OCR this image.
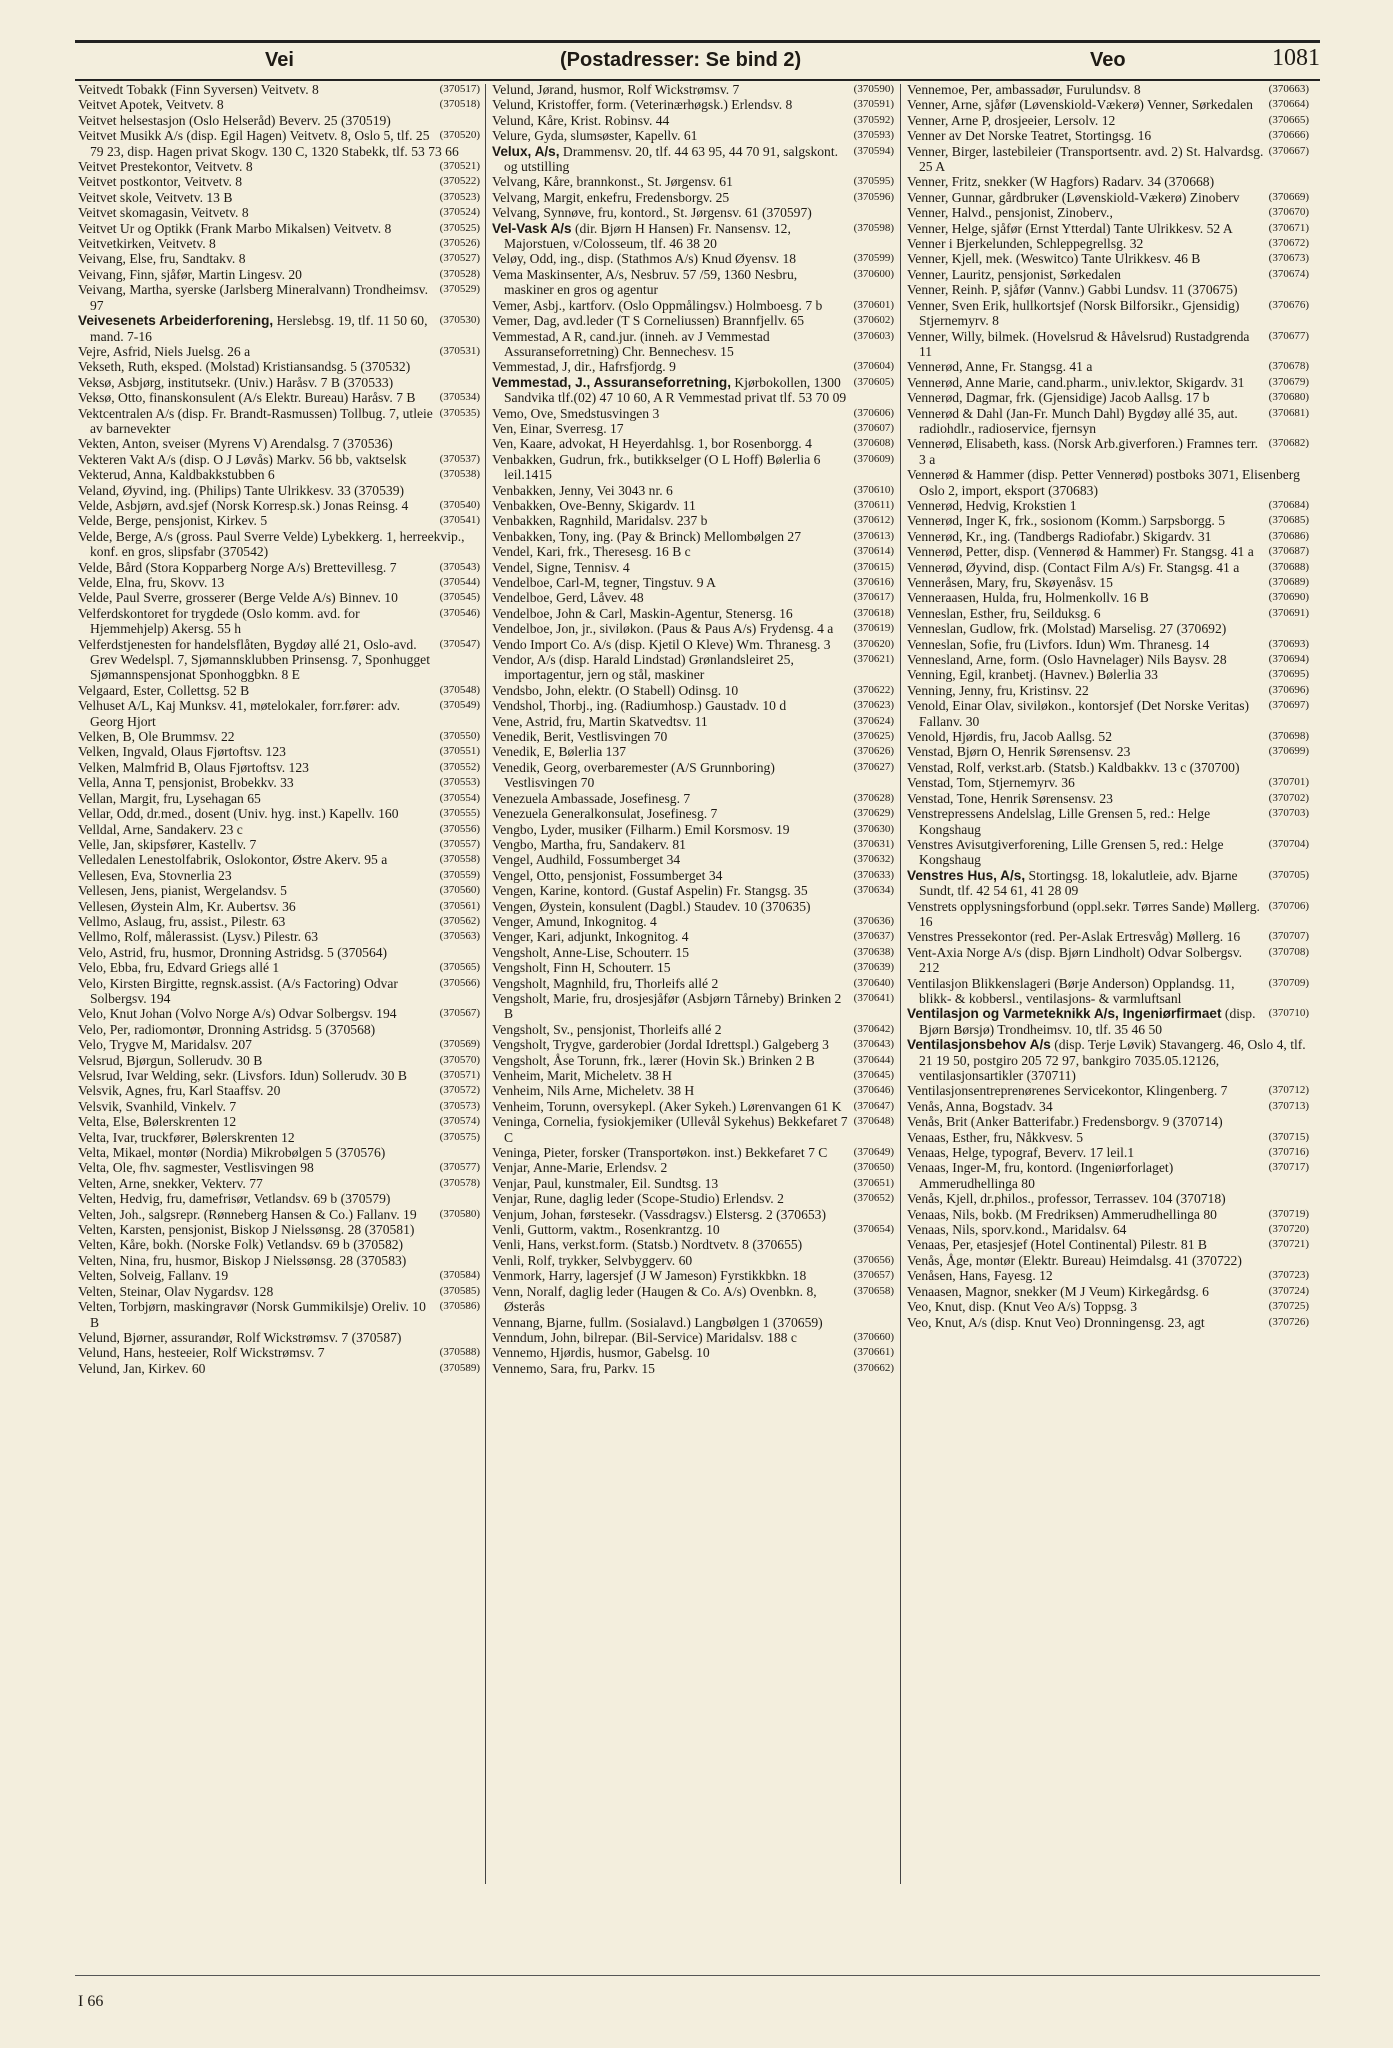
Vei	(Postadresser: Se bind 2)	Veo	1081

(370517)
Veitvedt Tobakk (Finn Syversen) Veitvetv. 8

(370518)
Veitvet Apotek, Veitvetv. 8

Veitvet helsestasjon (Oslo Helseråd) Beverv. 25 (370519)

(370520)
Veitvet Musikk A/s (disp. Egil Hagen) Veitvetv. 8, Oslo 5, tlf. 25 79 23, disp. Hagen privat Skogv. 130 C, 1320 Stabekk, tlf. 53 73 66

(370521)
Veitvet Prestekontor, Veitvetv. 8

(370522)
Veitvet postkontor, Veitvetv. 8

(370523)
Veitvet skole, Veitvetv. 13 B

(370524)
Veitvet skomagasin, Veitvetv. 8

(370525)
Veitvet Ur og Optikk (Frank Marbo Mikalsen) Veitvetv. 8

(370526)
Veitvetkirken, Veitvetv. 8

(370527)
Veivang, Else, fru, Sandtakv. 8

(370528)
Veivang, Finn, sjåfør, Martin Lingesv. 20

(370529)
Veivang, Martha, syerske (Jarlsberg Mineralvann) Trondheimsv. 97

(370530)
Veivesenets Arbeiderforening, Herslebsg. 19, tlf. 11 50 60, mand. 7-16

(370531)
Vejre, Asfrid, Niels Juelsg. 26 a

Vekseth, Ruth, eksped. (Molstad) Kristiansandsg. 5 (370532)

Veksø, Asbjørg, institutsekr. (Univ.) Haråsv. 7 B (370533)

(370534)
Veksø, Otto, finanskonsulent (A/s Elektr. Bureau) Haråsv. 7 B

(370535)
Vektcentralen A/s (disp. Fr. Brandt-Rasmussen) Tollbug. 7, utleie av barnevekter

Vekten, Anton, sveiser (Myrens V) Arendalsg. 7 (370536)

(370537)
Vekteren Vakt A/s (disp. O J Løvås) Markv. 56 bb, vaktselsk

(370538)
Vekterud, Anna, Kaldbakkstubben 6

Veland, Øyvind, ing. (Philips) Tante Ulrikkesv. 33 (370539)

(370540)
Velde, Asbjørn, avd.sjef (Norsk Korresp.sk.) Jonas Reinsg. 4

(370541)
Velde, Berge, pensjonist, Kirkev. 5

Velde, Berge, A/s (gross. Paul Sverre Velde) Lybekkerg. 1, herreekvip., konf. en gros, slipsfabr (370542)

(370543)
Velde, Bård (Stora Kopparberg Norge A/s) Brettevillesg. 7

(370544)
Velde, Elna, fru, Skovv. 13

(370545)
Velde, Paul Sverre, grosserer (Berge Velde A/s) Binnev. 10

(370546)
Velferdskontoret for trygdede (Oslo komm. avd. for Hjemmehjelp) Akersg. 55 h

(370547)
Velferdstjenesten for handelsflåten, Bygdøy allé 21, Oslo-avd. Grev Wedelspl. 7, Sjømannsklubben Prinsensg. 7, Sponhugget Sjømannspensjonat Sponhoggbkn. 8 E

(370548)
Velgaard, Ester, Collettsg. 52 B

(370549)
Velhuset A/L, Kaj Munksv. 41, møtelokaler, forr.fører: adv. Georg Hjort

(370550)
Velken, B, Ole Brummsv. 22

(370551)
Velken, Ingvald, Olaus Fjørtoftsv. 123

(370552)
Velken, Malmfrid B, Olaus Fjørtoftsv. 123

(370553)
Vella, Anna T, pensjonist, Brobekkv. 33

(370554)
Vellan, Margit, fru, Lysehagan 65

(370555)
Vellar, Odd, dr.med., dosent (Univ. hyg. inst.) Kapellv. 160

(370556)
Velldal, Arne, Sandakerv. 23 c

(370557)
Velle, Jan, skipsfører, Kastellv. 7

(370558)
Velledalen Lenestolfabrik, Oslokontor, Østre Akerv. 95 a

(370559)
Vellesen, Eva, Stovnerlia 23

(370560)
Vellesen, Jens, pianist, Wergelandsv. 5

(370561)
Vellesen, Øystein Alm, Kr. Aubertsv. 36

(370562)
Vellmo, Aslaug, fru, assist., Pilestr. 63

(370563)
Vellmo, Rolf, målerassist. (Lysv.) Pilestr. 63

Velo, Astrid, fru, husmor, Dronning Astridsg. 5 (370564)

(370565)
Velo, Ebba, fru, Edvard Griegs allé 1

(370566)
Velo, Kirsten Birgitte, regnsk.assist. (A/s Factoring) Odvar Solbergsv. 194

(370567)
Velo, Knut Johan (Volvo Norge A/s) Odvar Solbergsv. 194

Velo, Per, radiomontør, Dronning Astridsg. 5 (370568)

(370569)
Velo, Trygve M, Maridalsv. 207

(370570)
Velsrud, Bjørgun, Sollerudv. 30 B

(370571)
Velsrud, Ivar Welding, sekr. (Livsfors. Idun) Sollerudv. 30 B

(370572)
Velsvik, Agnes, fru, Karl Staaffsv. 20

(370573)
Velsvik, Svanhild, Vinkelv. 7

(370574)
Velta, Else, Bølerskrenten 12

(370575)
Velta, Ivar, truckfører, Bølerskrenten 12

Velta, Mikael, montør (Nordia) Mikrobølgen 5 (370576)

(370577)
Velta, Ole, fhv. sagmester, Vestlisvingen 98

(370578)
Velten, Arne, snekker, Vekterv. 77

Velten, Hedvig, fru, damefrisør, Vetlandsv. 69 b (370579)

(370580)
Velten, Joh., salgsrepr. (Rønneberg Hansen & Co.) Fallanv. 19

Velten, Karsten, pensjonist, Biskop J Nielssønsg. 28 (370581)

Velten, Kåre, bokh. (Norske Folk) Vetlandsv. 69 b (370582)

Velten, Nina, fru, husmor, Biskop J Nielssønsg. 28 (370583)

(370584)
Velten, Solveig, Fallanv. 19

(370585)
Velten, Steinar, Olav Nygardsv. 128

(370586)
Velten, Torbjørn, maskingravør (Norsk Gummikilsje) Oreliv. 10 B

Velund, Bjørner, assurandør, Rolf Wickstrømsv. 7 (370587)

(370588)
Velund, Hans, hesteeier, Rolf Wickstrømsv. 7

(370589)
Velund, Jan, Kirkev. 60

(370590)
Velund, Jørand, husmor, Rolf Wickstrømsv. 7

(370591)
Velund, Kristoffer, form. (Veterinærhøgsk.) Erlendsv. 8

(370592)
Velund, Kåre, Krist. Robinsv. 44

(370593)
Velure, Gyda, slumsøster, Kapellv. 61

(370594)
Velux, A/s, Drammensv. 20, tlf. 44 63 95, 44 70 91, salgskont. og utstilling

(370595)
Velvang, Kåre, brannkonst., St. Jørgensv. 61

(370596)
Velvang, Margit, enkefru, Fredensborgv. 25

Velvang, Synnøve, fru, kontord., St. Jørgensv. 61 (370597)

(370598)
Vel-Vask A/s (dir. Bjørn H Hansen) Fr. Nansensv. 12, Majorstuen, v/Colosseum, tlf. 46 38 20

(370599)
Veløy, Odd, ing., disp. (Stathmos A/s) Knud Øyensv. 18

(370600)
Vema Maskinsenter, A/s, Nesbruv. 57 /59, 1360 Nesbru, maskiner en gros og agentur

(370601)
Vemer, Asbj., kartforv. (Oslo Oppmålingsv.) Holmboesg. 7 b

(370602)
Vemer, Dag, avd.leder (T S Corneliussen) Brannfjellv. 65

(370603)
Vemmestad, A R, cand.jur. (inneh. av J Vemmestad Assuranseforretning) Chr. Bennechesv. 15

(370604)
Vemmestad, J, dir., Hafrsfjordg. 9

(370605)
Vemmestad, J., Assuranseforretning, Kjørbokollen, 1300 Sandvika tlf.(02) 47 10 60, A R Vemmestad privat tlf. 53 70 09

(370606)
Vemo, Ove, Smedstusvingen 3

(370607)
Ven, Einar, Sverresg. 17

(370608)
Ven, Kaare, advokat, H Heyerdahlsg. 1, bor Rosenborgg. 4

(370609)
Venbakken, Gudrun, frk., butikkselger (O L Hoff) Bølerlia 6 leil.1415

(370610)
Venbakken, Jenny, Vei 3043 nr. 6

(370611)
Venbakken, Ove-Benny, Skigardv. 11

(370612)
Venbakken, Ragnhild, Maridalsv. 237 b

(370613)
Venbakken, Tony, ing. (Pay & Brinck) Mellombølgen 27

(370614)
Vendel, Kari, frk., Theresesg. 16 B c

(370615)
Vendel, Signe, Tennisv. 4

(370616)
Vendelboe, Carl-M, tegner, Tingstuv. 9 A

(370617)
Vendelboe, Gerd, Låvev. 48

(370618)
Vendelboe, John & Carl, Maskin-Agentur, Stenersg. 16

(370619)
Vendelboe, Jon, jr., siviløkon. (Paus & Paus A/s) Frydensg. 4 a

(370620)
Vendo Import Co. A/s (disp. Kjetil O Kleve) Wm. Thranesg. 3

(370621)
Vendor, A/s (disp. Harald Lindstad) Grønlandsleiret 25, importagentur, jern og stål, maskiner

(370622)
Vendsbo, John, elektr. (O Stabell) Odinsg. 10

(370623)
Vendshol, Thorbj., ing. (Radiumhosp.) Gaustadv. 10 d

(370624)
Vene, Astrid, fru, Martin Skatvedtsv. 11

(370625)
Venedik, Berit, Vestlisvingen 70

(370626)
Venedik, E, Bølerlia 137

(370627)
Venedik, Georg, overbaremester (A/S Grunnboring) Vestlisvingen 70

(370628)
Venezuela Ambassade, Josefinesg. 7

(370629)
Venezuela Generalkonsulat, Josefinesg. 7

(370630)
Vengbo, Lyder, musiker (Filharm.) Emil Korsmosv. 19

(370631)
Vengbo, Martha, fru, Sandakerv. 81

(370632)
Vengel, Audhild, Fossumberget 34

(370633)
Vengel, Otto, pensjonist, Fossumberget 34

(370634)
Vengen, Karine, kontord. (Gustaf Aspelin) Fr. Stangsg. 35

Vengen, Øystein, konsulent (Dagbl.) Staudev. 10 (370635)

(370636)
Venger, Amund, Inkognitog. 4

(370637)
Venger, Kari, adjunkt, Inkognitog. 4

(370638)
Vengsholt, Anne-Lise, Schouterr. 15

(370639)
Vengsholt, Finn H, Schouterr. 15

(370640)
Vengsholt, Magnhild, fru, Thorleifs allé 2

(370641)
Vengsholt, Marie, fru, drosjesjåfør (Asbjørn Tårneby) Brinken 2 B

(370642)
Vengsholt, Sv., pensjonist, Thorleifs allé 2

(370643)
Vengsholt, Trygve, garderobier (Jordal Idrettspl.) Galgeberg 3

(370644)
Vengsholt, Åse Torunn, frk., lærer (Hovin Sk.) Brinken 2 B

(370645)
Venheim, Marit, Micheletv. 38 H

(370646)
Venheim, Nils Arne, Micheletv. 38 H

(370647)
Venheim, Torunn, oversykepl. (Aker Sykeh.) Lørenvangen 61 K

(370648)
Veninga, Cornelia, fysiokjemiker (Ullevål Sykehus) Bekkefaret 7 C

(370649)
Veninga, Pieter, forsker (Transportøkon. inst.) Bekkefaret 7 C

(370650)
Venjar, Anne-Marie, Erlendsv. 2

(370651)
Venjar, Paul, kunstmaler, Eil. Sundtsg. 13

(370652)
Venjar, Rune, daglig leder (Scope-Studio) Erlendsv. 2

Venjum, Johan, førstesekr. (Vassdragsv.) Elstersg. 2 (370653)

(370654)
Venli, Guttorm, vaktm., Rosenkrantzg. 10

Venli, Hans, verkst.form. (Statsb.) Nordtvetv. 8 (370655)

(370656)
Venli, Rolf, trykker, Selvbyggerv. 60

(370657)
Venmork, Harry, lagersjef (J W Jameson) Fyrstikkbkn. 18

(370658)
Venn, Noralf, daglig leder (Haugen & Co. A/s) Ovenbkn. 8, Østerås

Vennang, Bjarne, fullm. (Sosialavd.) Langbølgen 1 (370659)

(370660)
Venndum, John, bilrepar. (Bil-Service) Maridalsv. 188 c

(370661)
Vennemo, Hjørdis, husmor, Gabelsg. 10

(370662)
Vennemo, Sara, fru, Parkv. 15

(370663)
Vennemoe, Per, ambassadør, Furulundsv. 8

(370664)
Venner, Arne, sjåfør (Løvenskiold-Vækerø) Venner, Sørkedalen

(370665)
Venner, Arne P, drosjeeier, Lersolv. 12

(370666)
Venner av Det Norske Teatret, Stortingsg. 16

(370667)
Venner, Birger, lastebileier (Transportsentr. avd. 2) St. Halvardsg. 25 A

Venner, Fritz, snekker (W Hagfors) Radarv. 34 (370668)

(370669)
Venner, Gunnar, gårdbruker (Løvenskiold-Vækerø) Zinoberv

(370670)
Venner, Halvd., pensjonist, Zinoberv.,

(370671)
Venner, Helge, sjåfør (Ernst Ytterdal) Tante Ulrikkesv. 52 A

(370672)
Venner i Bjerkelunden, Schleppegrellsg. 32

(370673)
Venner, Kjell, mek. (Weswitco) Tante Ulrikkesv. 46 B

(370674)
Venner, Lauritz, pensjonist, Sørkedalen

Venner, Reinh. P, sjåfør (Vannv.) Gabbi Lundsv. 11 (370675)

(370676)
Venner, Sven Erik, hullkortsjef (Norsk Bilforsikr., Gjensidig) Stjernemyrv. 8

(370677)
Venner, Willy, bilmek. (Hovelsrud & Håvelsrud) Rustadgrenda 11

(370678)
Vennerød, Anne, Fr. Stangsg. 41 a

(370679)
Vennerød, Anne Marie, cand.pharm., univ.lektor, Skigardv. 31

(370680)
Vennerød, Dagmar, frk. (Gjensidige) Jacob Aallsg. 17 b

(370681)
Vennerød & Dahl (Jan-Fr. Munch Dahl) Bygdøy allé 35, aut. radiohdlr., radioservice, fjernsyn

(370682)
Vennerød, Elisabeth, kass. (Norsk Arb.giverforen.) Framnes terr. 3 a

Vennerød & Hammer (disp. Petter Vennerød) postboks 3071, Elisenberg Oslo 2, import, eksport (370683)

(370684)
Vennerød, Hedvig, Krokstien 1

(370685)
Vennerød, Inger K, frk., sosionom (Komm.) Sarpsborgg. 5

(370686)
Vennerød, Kr., ing. (Tandbergs Radiofabr.) Skigardv. 31

(370687)
Vennerød, Petter, disp. (Vennerød & Hammer) Fr. Stangsg. 41 a

(370688)
Vennerød, Øyvind, disp. (Contact Film A/s) Fr. Stangsg. 41 a

(370689)
Venneråsen, Mary, fru, Skøyenåsv. 15

(370690)
Venneraasen, Hulda, fru, Holmenkollv. 16 B

(370691)
Venneslan, Esther, fru, Seilduksg. 6

Venneslan, Gudlow, frk. (Molstad) Marselisg. 27 (370692)

(370693)
Venneslan, Sofie, fru (Livfors. Idun) Wm. Thranesg. 14

(370694)
Vennesland, Arne, form. (Oslo Havnelager) Nils Baysv. 28

(370695)
Venning, Egil, kranbetj. (Havnev.) Bølerlia 33

(370696)
Venning, Jenny, fru, Kristinsv. 22

(370697)
Venold, Einar Olav, siviløkon., kontorsjef (Det Norske Veritas) Fallanv. 30

(370698)
Venold, Hjørdis, fru, Jacob Aallsg. 52

(370699)
Venstad, Bjørn O, Henrik Sørensensv. 23

Venstad, Rolf, verkst.arb. (Statsb.) Kaldbakkv. 13 c (370700)

(370701)
Venstad, Tom, Stjernemyrv. 36

(370702)
Venstad, Tone, Henrik Sørensensv. 23

(370703)
Venstrepressens Andelslag, Lille Grensen 5, red.: Helge Kongshaug

(370704)
Venstres Avisutgiverforening, Lille Grensen 5, red.: Helge Kongshaug

(370705)
Venstres Hus, A/s, Stortingsg. 18, lokalutleie, adv. Bjarne Sundt, tlf. 42 54 61, 41 28 09

(370706)
Venstrets opplysningsforbund (oppl.sekr. Tørres Sande) Møllerg. 16

(370707)
Venstres Pressekontor (red. Per-Aslak Ertresvåg) Møllerg. 16

(370708)
Vent-Axia Norge A/s (disp. Bjørn Lindholt) Odvar Solbergsv. 212

(370709)
Ventilasjon Blikkenslageri (Børje Anderson) Opplandsg. 11, blikk- & kobbersl., ventilasjons- & varmluftsanl

(370710)
Ventilasjon og Varmeteknikk A/s, Ingeniørfirmaet (disp. Bjørn Børsjø) Trondheimsv. 10, tlf. 35 46 50

Ventilasjonsbehov A/s (disp. Terje Løvik) Stavangerg. 46, Oslo 4, tlf. 21 19 50, postgiro 205 72 97, bankgiro 7035.05.12126, ventilasjonsartikler (370711)

(370712)
Ventilasjonsentreprenørenes Servicekontor, Klingenberg. 7

(370713)
Venås, Anna, Bogstadv. 34

Venås, Brit (Anker Batterifabr.) Fredensborgv. 9 (370714)

(370715)
Venaas, Esther, fru, Nåkkvesv. 5

(370716)
Venaas, Helge, typograf, Beverv. 17 leil.1

(370717)
Venaas, Inger-M, fru, kontord. (Ingeniørforlaget) Ammerudhellinga 80

Venås, Kjell, dr.philos., professor, Terrassev. 104 (370718)

(370719)
Venaas, Nils, bokb. (M Fredriksen) Ammerudhellinga 80

(370720)
Venaas, Nils, sporv.kond., Maridalsv. 64

(370721)
Venaas, Per, etasjesjef (Hotel Continental) Pilestr. 81 B

Venås, Åge, montør (Elektr. Bureau) Heimdalsg. 41 (370722)

(370723)
Venåsen, Hans, Fayesg. 12

(370724)
Venaasen, Magnor, snekker (M J Veum) Kirkegårdsg. 6

(370725)
Veo, Knut, disp. (Knut Veo A/s) Toppsg. 3

(370726)
Veo, Knut, A/s (disp. Knut Veo) Dronningensg. 23, agt

I 66
